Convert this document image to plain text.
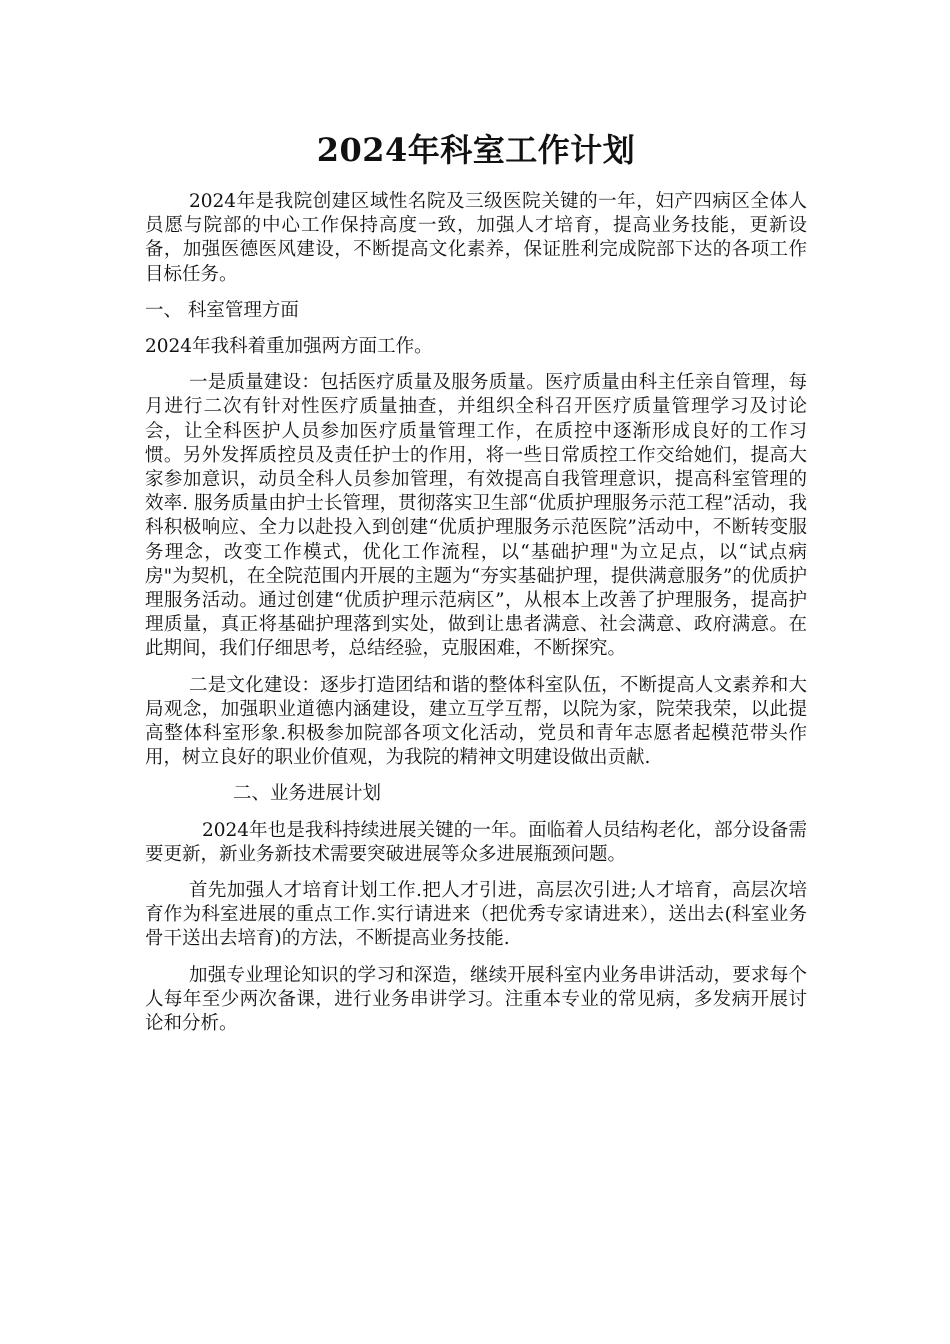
2024年科室工作计划

2024年是我院创建区域性名院及三级医院关键的一年，妇产四病区全体人员愿与院部的中心工作保持高度一致，加强人才培育，提高业务技能，更新设备，加强医德医风建设，不断提高文化素养，保证胜利完成院部下达的各项工作目标任务。

一、 科室管理方面

2024年我科着重加强两方面工作。

一是质量建设：包括医疗质量及服务质量。医疗质量由科主任亲自管理，每月进行二次有针对性医疗质量抽查，并组织全科召开医疗质量管理学习及讨论会，让全科医护人员参加医疗质量管理工作，在质控中逐渐形成良好的工作习惯。另外发挥质控员及责任护士的作用，将一些日常质控工作交给她们，提高大家参加意识，动员全科人员参加管理，有效提高自我管理意识，提高科室管理的效率. 服务质量由护士长管理，贯彻落实卫生部“优质护理服务示范工程”活动，我科积极响应、全力以赴投入到创建“优质护理服务示范医院”活动中，不断转变服务理念，改变工作模式，优化工作流程，以“基础护理"为立足点，以“试点病房"为契机，在全院范围内开展的主题为“夯实基础护理，提供满意服务”的优质护理服务活动。通过创建“优质护理示范病区”，从根本上改善了护理服务，提高护理质量，真正将基础护理落到实处，做到让患者满意、社会满意、政府满意。在此期间，我们仔细思考，总结经验，克服困难，不断探究。

二是文化建设：逐步打造团结和谐的整体科室队伍，不断提高人文素养和大局观念，加强职业道德内涵建设，建立互学互帮，以院为家，院荣我荣，以此提高整体科室形象.积极参加院部各项文化活动，党员和青年志愿者起模范带头作用，树立良好的职业价值观，为我院的精神文明建设做出贡献.

二、业务进展计划

2024年也是我科持续进展关键的一年。面临着人员结构老化，部分设备需要更新，新业务新技术需要突破进展等众多进展瓶颈问题。

首先加强人才培育计划工作.把人才引进，高层次引进;人才培育，高层次培育作为科室进展的重点工作.实行请进来（把优秀专家请进来），送出去(科室业务骨干送出去培育)的方法，不断提高业务技能.

加强专业理论知识的学习和深造，继续开展科室内业务串讲活动，要求每个人每年至少两次备课，进行业务串讲学习。注重本专业的常见病，多发病开展讨论和分析。
